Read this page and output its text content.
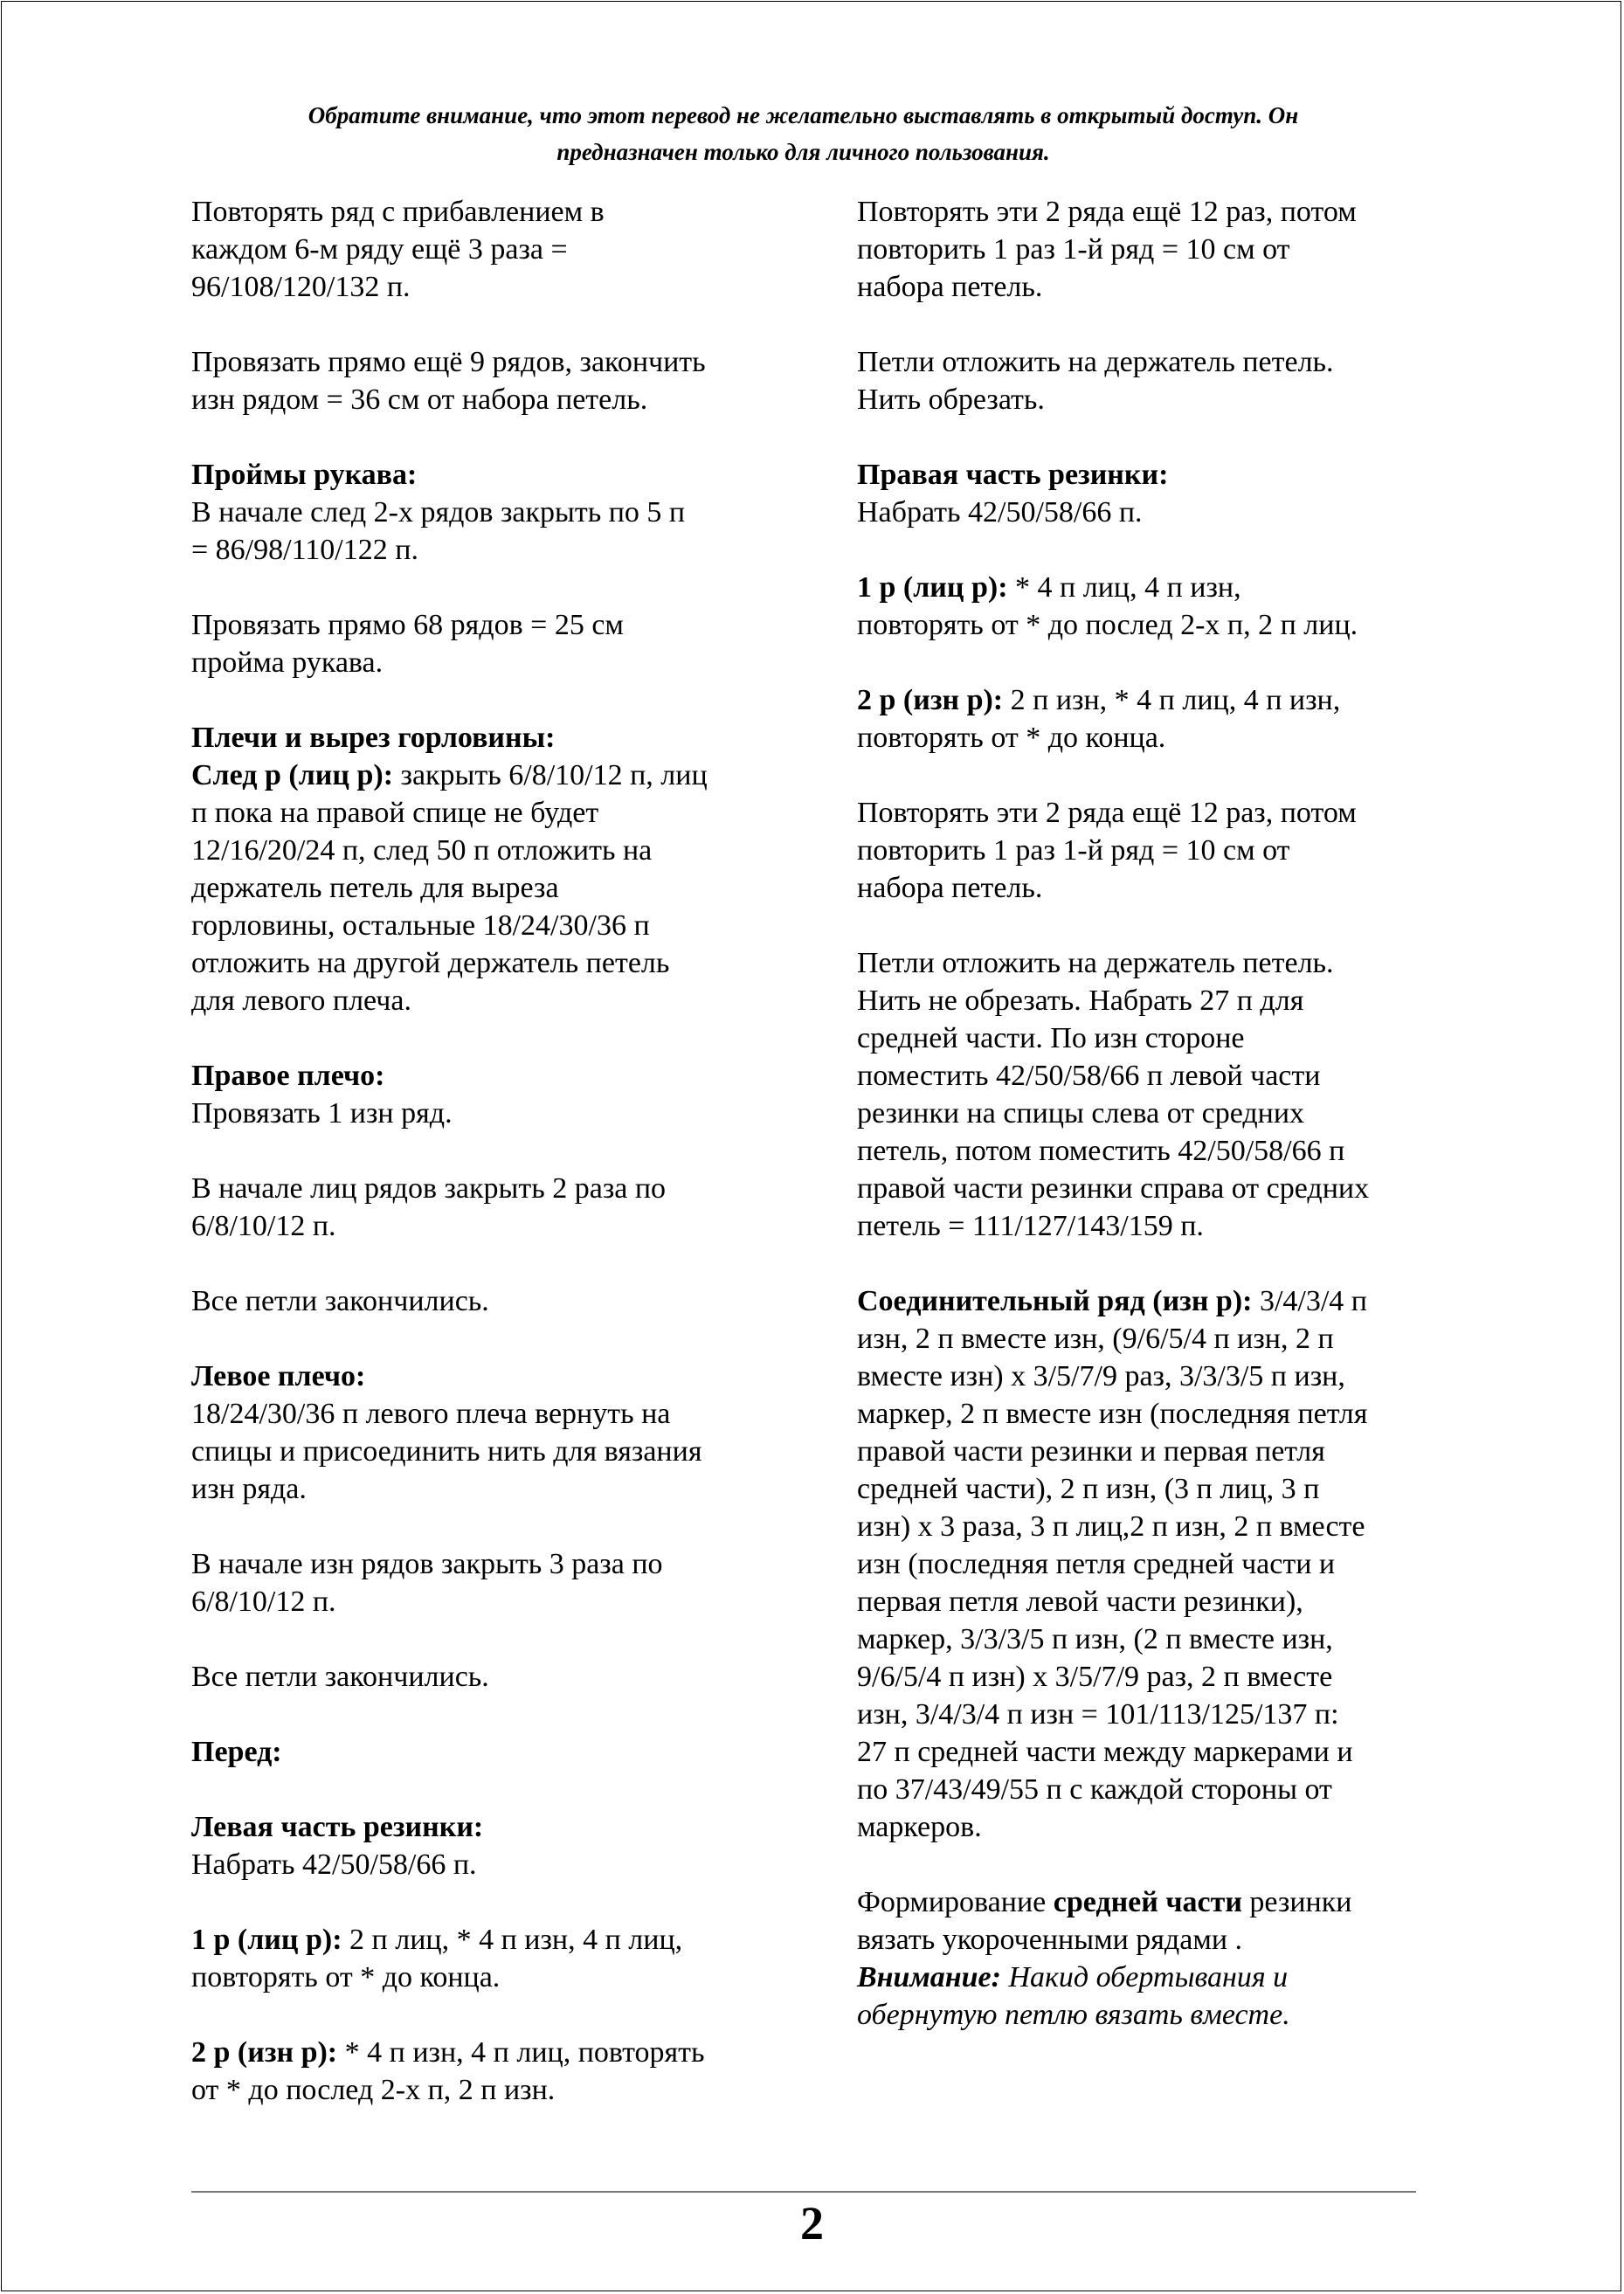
Обратите внимание, что этот перевод не желательно выставлять в открытый доступ. Он
предназначен только для личного пользования.
Повторять ряд с прибавлением в
каждом 6-м ряду ещё 3 раза =
96/108/120/132 п.
Провязать прямо ещё 9 рядов, закончить
изн рядом = 36 см от набора петель.
Проймы рукава:
В начале след 2-х рядов закрыть по 5 п
= 86/98/110/122 п.
Провязать прямо 68 рядов = 25 см
пройма рукава.
Плечи и вырез горловины:
След р (лиц р): закрыть 6/8/10/12 п, лиц
п пока на правой спице не будет
12/16/20/24 п, след 50 п отложить на
держатель петель для выреза
горловины, остальные 18/24/30/36 п
отложить на другой держатель петель
для левого плеча.
Правое плечо:
Провязать 1 изн ряд.
В начале лиц рядов закрыть 2 раза по
6/8/10/12 п.
Все петли закончились.
Левое плечо:
18/24/30/36 п левого плеча вернуть на
спицы и присоединить нить для вязания
изн ряда.
В начале изн рядов закрыть 3 раза по
6/8/10/12 п.
Все петли закончились.
Перед:
Левая часть резинки:
Набрать 42/50/58/66 п.
1 р (лиц р): 2 п лиц, * 4 п изн, 4 п лиц,
повторять от * до конца.
2 р (изн р): * 4 п изн, 4 п лиц, повторять
от * до послед 2-х п, 2 п изн.
Повторять эти 2 ряда ещё 12 раз, потом
повторить 1 раз 1-й ряд = 10 см от
набора петель.
Петли отложить на держатель петель.
Нить обрезать.
Правая часть резинки:
Набрать 42/50/58/66 п.
1 р (лиц р): * 4 п лиц, 4 п изн,
повторять от * до послед 2-х п, 2 п лиц.
2 р (изн р): 2 п изн, * 4 п лиц, 4 п изн,
повторять от * до конца.
Повторять эти 2 ряда ещё 12 раз, потом
повторить 1 раз 1-й ряд = 10 см от
набора петель.
Петли отложить на держатель петель.
Нить не обрезать. Набрать 27 п для
средней части. По изн стороне
поместить 42/50/58/66 п левой части
резинки на спицы слева от средних
петель, потом поместить 42/50/58/66 п
правой части резинки справа от средних
петель = 111/127/143/159 п.
Соединительный ряд (изн р): 3/4/3/4 п
изн, 2 п вместе изн, (9/6/5/4 п изн, 2 п
вместе изн) x 3/5/7/9 раз, 3/3/3/5 п изн,
маркер, 2 п вместе изн (последняя петля
правой части резинки и первая петля
средней части), 2 п изн, (3 п лиц, 3 п
изн) x 3 раза, 3 п лиц,2 п изн, 2 п вместе
изн (последняя петля средней части и
первая петля левой части резинки),
маркер, 3/3/3/5 п изн, (2 п вместе изн,
9/6/5/4 п изн) x 3/5/7/9 раз, 2 п вместе
изн, 3/4/3/4 п изн = 101/113/125/137 п:
27 п средней части между маркерами и
по 37/43/49/55 п с каждой стороны от
маркеров.
Формирование средней части резинки
вязать укороченными рядами .
Внимание: Накид обертывания и
обернутую петлю вязать вместе.
2
